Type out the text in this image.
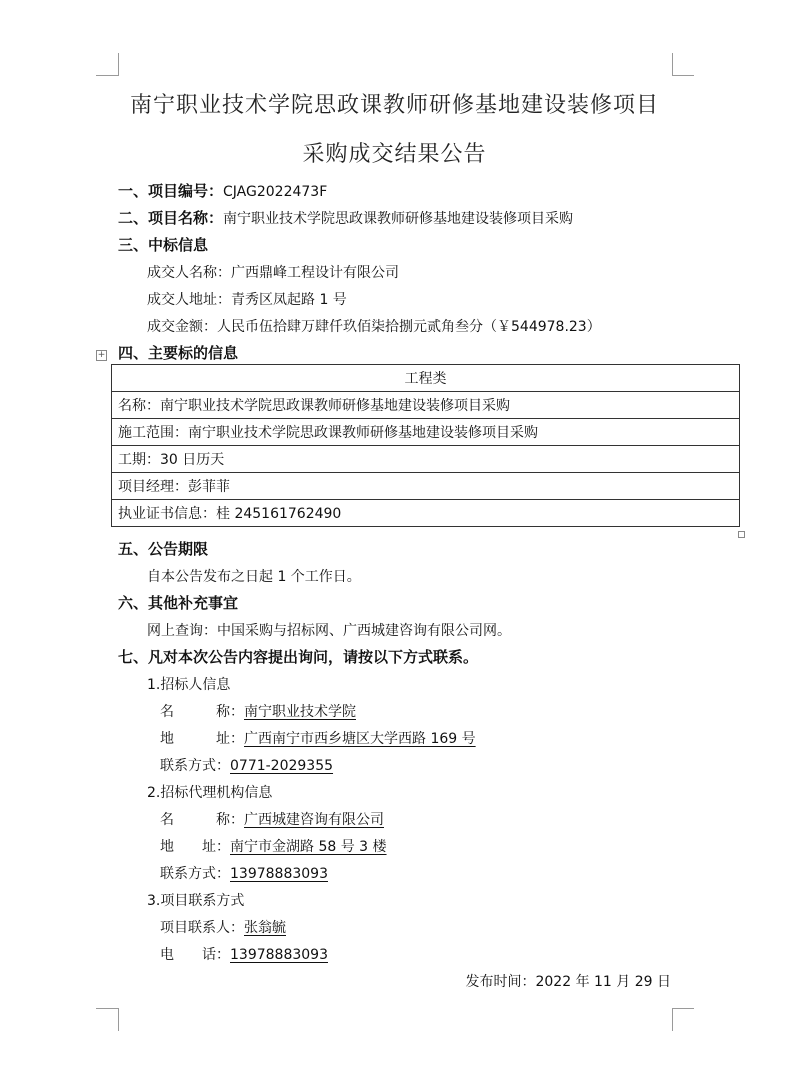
南宁职业技术学院思政课教师研修基地建设装修项目
采购成交结果公告
一、项目编号：CJAG2022473F
二、项目名称：南宁职业技术学院思政课教师研修基地建设装修项目采购
三、中标信息
成交人名称：广西鼎峰工程设计有限公司
成交人地址：青秀区凤起路 1 号
成交金额：人民币伍拾肆万肆仟玖佰柒拾捌元贰角叁分（￥544978.23）
+ 四、主要标的信息
工程类
名称：南宁职业技术学院思政课教师研修基地建设装修项目采购
施工范围：南宁职业技术学院思政课教师研修基地建设装修项目采购
工期：30 日历天
项目经理：彭菲菲
执业证书信息：桂 245161762490
五、公告期限
自本公告发布之日起 1 个工作日。
六、其他补充事宜
网上查询：中国采购与招标网、广西城建咨询有限公司网。
七、凡对本次公告内容提出询问，请按以下方式联系。
1.招标人信息
名　　　称：南宁职业技术学院
地　　　址：广西南宁市西乡塘区大学西路 169 号
联系方式：0771-2029355
2.招标代理机构信息
名　　　称：广西城建咨询有限公司
地　　址：南宁市金湖路 58 号 3 楼
联系方式：13978883093
3.项目联系方式
项目联系人：张翁毓
电　　话：13978883093
发布时间：2022 年 11 月 29 日
